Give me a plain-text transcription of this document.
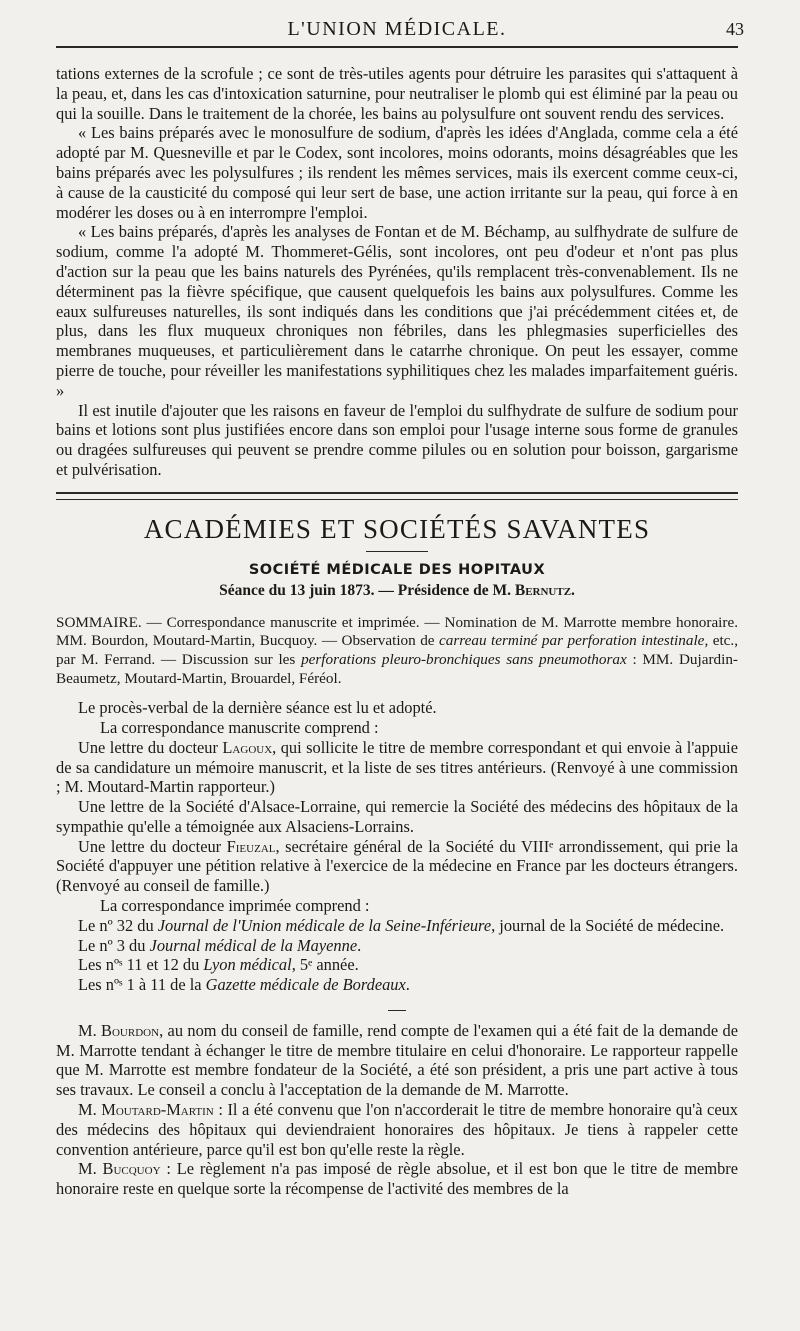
L'UNION MÉDICALE.	43

tations externes de la scrofule ; ce sont de très-utiles agents pour détruire les parasites qui s'attaquent à la peau, et, dans les cas d'intoxication saturnine, pour neutraliser le plomb qui est éliminé par la peau ou qui la souille. Dans le traitement de la chorée, les bains au polysulfure ont souvent rendu des services.

« Les bains préparés avec le monosulfure de sodium, d'après les idées d'Anglada, comme cela a été adopté par M. Quesneville et par le Codex, sont incolores, moins odorants, moins désagréables que les bains préparés avec les polysulfures ; ils rendent les mêmes services, mais ils exercent comme ceux-ci, à cause de la causticité du composé qui leur sert de base, une action irritante sur la peau, qui force à en modérer les doses ou à en interrompre l'emploi.

« Les bains préparés, d'après les analyses de Fontan et de M. Béchamp, au sulfhydrate de sulfure de sodium, comme l'a adopté M. Thommeret-Gélis, sont incolores, ont peu d'odeur et n'ont pas plus d'action sur la peau que les bains naturels des Pyrénées, qu'ils remplacent très-convenablement. Ils ne déterminent pas la fièvre spécifique, que causent quelquefois les bains aux polysulfures. Comme les eaux sulfureuses naturelles, ils sont indiqués dans les conditions que j'ai précédemment citées et, de plus, dans les flux muqueux chroniques non fébriles, dans les phlegmasies superficielles des membranes muqueuses, et particulièrement dans le catarrhe chronique. On peut les essayer, comme pierre de touche, pour réveiller les manifestations syphilitiques chez les malades imparfaitement guéris. »

Il est inutile d'ajouter que les raisons en faveur de l'emploi du sulfhydrate de sulfure de sodium pour bains et lotions sont plus justifiées encore dans son emploi pour l'usage interne sous forme de granules ou dragées sulfureuses qui peuvent se prendre comme pilules ou en solution pour boisson, gargarisme et pulvérisation.

ACADÉMIES ET SOCIÉTÉS SAVANTES
SOCIÉTÉ MÉDICALE DES HOPITAUX
Séance du 13 juin 1873. — Présidence de M. Bernutz.
SOMMAIRE. — Correspondance manuscrite et imprimée. — Nomination de M. Marrotte membre honoraire. MM. Bourdon, Moutard-Martin, Bucquoy. — Observation de carreau terminé par perforation intestinale, etc., par M. Ferrand. — Discussion sur les perforations pleuro-bronchiques sans pneumothorax : MM. Dujardin-Beaumetz, Moutard-Martin, Brouardel, Féréol.

Le procès-verbal de la dernière séance est lu et adopté.

La correspondance manuscrite comprend :

Une lettre du docteur Lagoux, qui sollicite le titre de membre correspondant et qui envoie à l'appuie de sa candidature un mémoire manuscrit, et la liste de ses titres antérieurs. (Renvoyé à une commission ; M. Moutard-Martin rapporteur.)

Une lettre de la Société d'Alsace-Lorraine, qui remercie la Société des médecins des hôpitaux de la sympathie qu'elle a témoignée aux Alsaciens-Lorrains.

Une lettre du docteur Fieuzal, secrétaire général de la Société du VIIIᵉ arrondissement, qui prie la Société d'appuyer une pétition relative à l'exercice de la médecine en France par les docteurs étrangers. (Renvoyé au conseil de famille.)

La correspondance imprimée comprend :

Le nº 32 du Journal de l'Union médicale de la Seine-Inférieure, journal de la Société de médecine.

Le nº 3 du Journal médical de la Mayenne.

Les nºˢ 11 et 12 du Lyon médical, 5ᵉ année.

Les nºˢ 1 à 11 de la Gazette médicale de Bordeaux.

M. Bourdon, au nom du conseil de famille, rend compte de l'examen qui a été fait de la demande de M. Marrotte tendant à échanger le titre de membre titulaire en celui d'honoraire. Le rapporteur rappelle que M. Marrotte est membre fondateur de la Société, a été son président, a pris une part active à tous ses travaux. Le conseil a conclu à l'acceptation de la demande de M. Marrotte.

M. Moutard-Martin : Il a été convenu que l'on n'accorderait le titre de membre honoraire qu'à ceux des médecins des hôpitaux qui deviendraient honoraires des hôpitaux. Je tiens à rappeler cette convention antérieure, parce qu'il est bon qu'elle reste la règle.

M. Bucquoy : Le règlement n'a pas imposé de règle absolue, et il est bon que le titre de membre honoraire reste en quelque sorte la récompense de l'activité des membres de la
